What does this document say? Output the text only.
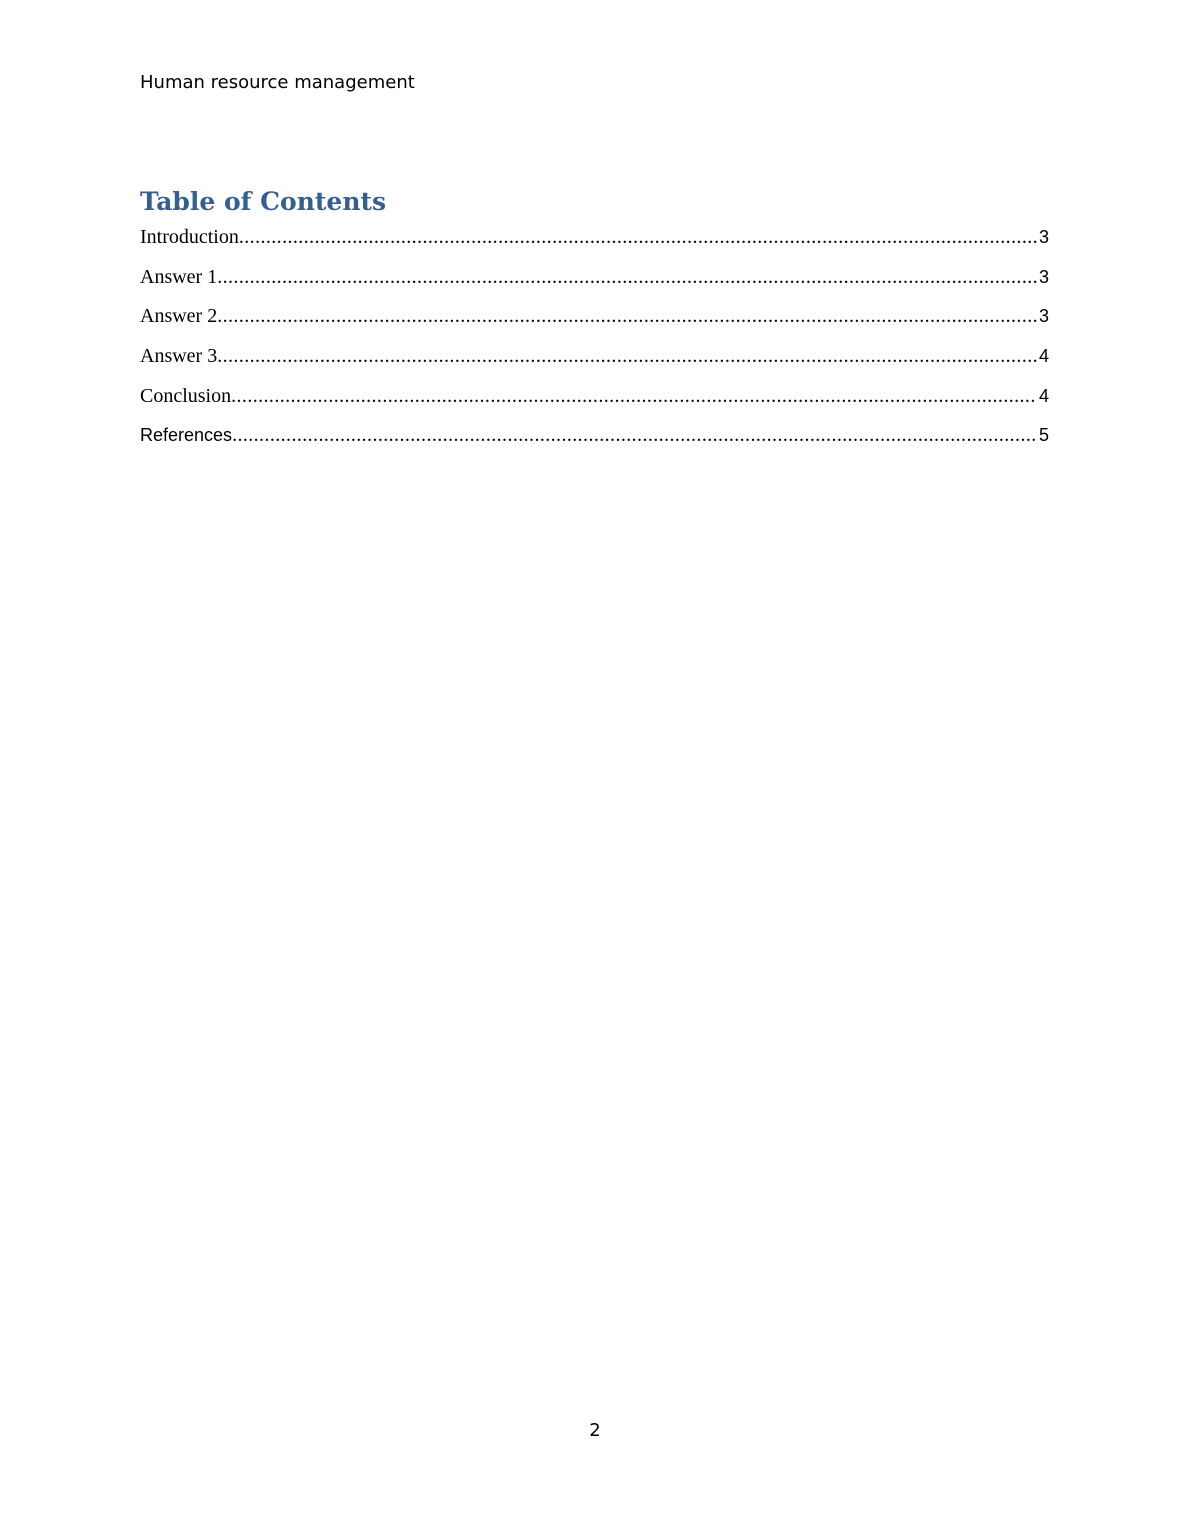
Human resource management
Table of Contents
Introduction .....	3
Answer 1 .....	3
Answer 2 .....	3
Answer 3 .....	4
Conclusion .....	4
References .....	5
2
